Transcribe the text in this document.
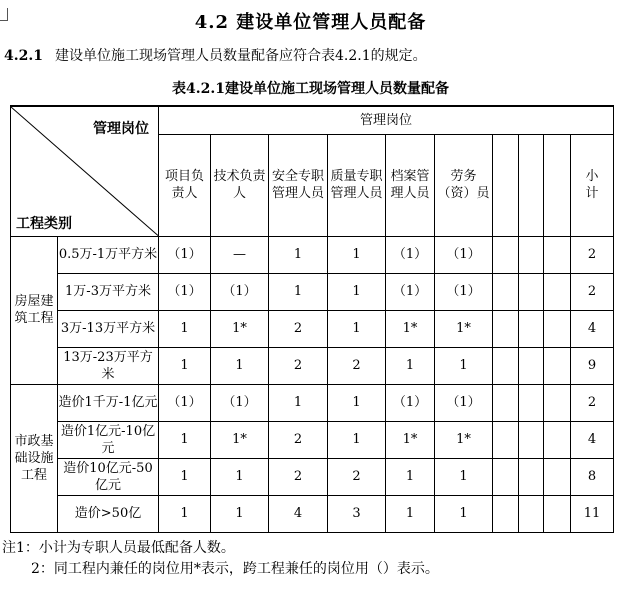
4.2 建设单位管理人员配备

4.2.1 建设单位施工现场管理人员数量配备应符合表4.2.1的规定。

表4.2.1建设单位施工现场管理人员数量配备
管理岗位
工程类别		管理岗位									
		项目负责人	技术负责人	安全专职管理人员	质量专职管理人员	档案管理人员	劳务（资）员				小计
房屋建筑工程	0.5万-1万平方米	（1）	—	1	1	（1）	（1）				2
	1万-3万平方米	（1）	（1）	1	1	（1）	（1）				2
	3万-13万平方米	1	1*	2	1	1*	1*				4
	13万-23万平方米	1	1	2	2	1	1				9
市政基础设施工程	造价1千万-1亿元	（1）	（1）	1	1	（1）	（1）				2
	造价1亿元-10亿元	1	1*	2	1	1*	1*				4
	造价10亿元-50亿元	1	1	2	2	1	1				8
	造价>50亿	1	1	4	3	1	1				11
注1：小计为专职人员最低配备人数。
2：同工程内兼任的岗位用*表示，跨工程兼任的岗位用（）表示。
